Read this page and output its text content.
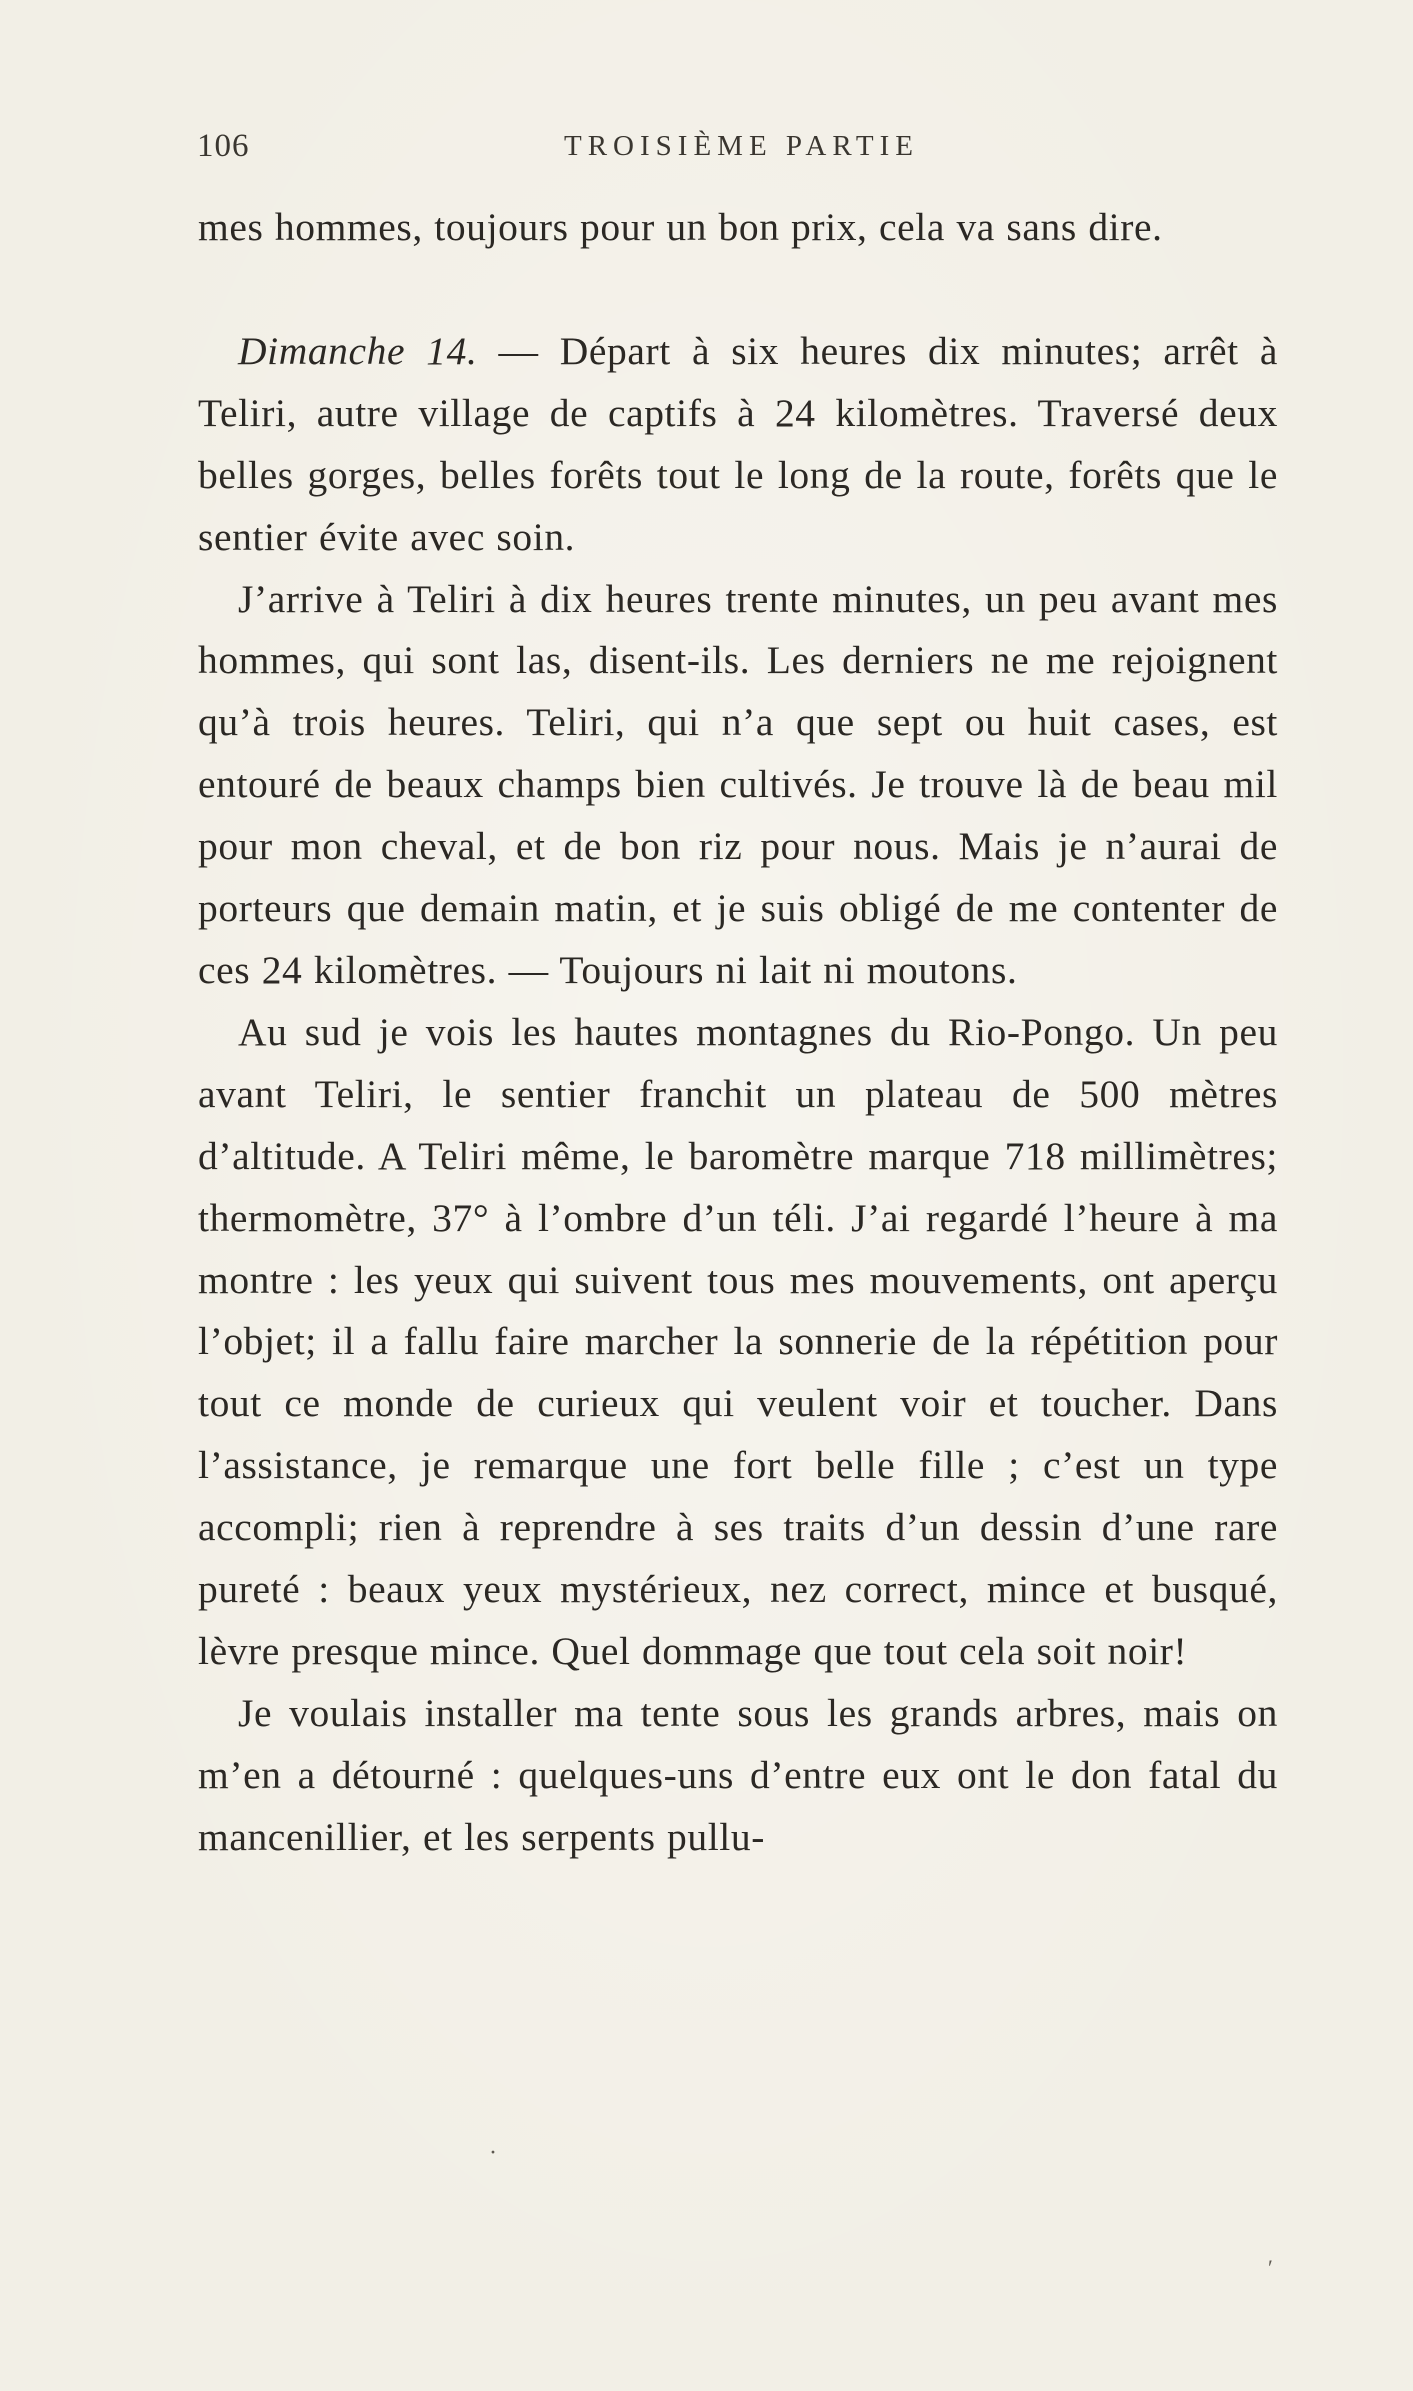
106	TROISIÈME PARTIE

mes hommes, toujours pour un bon prix, cela va sans dire.

Dimanche 14. — Départ à six heures dix minutes; arrêt à Teliri, autre village de captifs à 24 kilomètres. Traversé deux belles gorges, belles forêts tout le long de la route, forêts que le sentier évite avec soin.

J’arrive à Teliri à dix heures trente minutes, un peu avant mes hommes, qui sont las, disent-ils. Les derniers ne me rejoignent qu’à trois heures. Teliri, qui n’a que sept ou huit cases, est entouré de beaux champs bien cultivés. Je trouve là de beau mil pour mon cheval, et de bon riz pour nous. Mais je n’aurai de porteurs que demain matin, et je suis obligé de me contenter de ces 24 kilomètres. — Toujours ni lait ni moutons.

Au sud je vois les hautes montagnes du Rio-Pongo. Un peu avant Teliri, le sentier franchit un plateau de 500 mètres d’altitude. A Teliri même, le baromètre marque 718 millimètres; thermomètre, 37° à l’ombre d’un téli. J’ai regardé l’heure à ma montre : les yeux qui suivent tous mes mouvements, ont aperçu l’objet; il a fallu faire marcher la sonnerie de la répétition pour tout ce monde de curieux qui veulent voir et toucher. Dans l’assistance, je remarque une fort belle fille ; c’est un type accompli; rien à reprendre à ses traits d’un dessin d’une rare pureté : beaux yeux mystérieux, nez correct, mince et busqué, lèvre presque mince. Quel dommage que tout cela soit noir!

Je voulais installer ma tente sous les grands arbres, mais on m’en a détourné : quelques-uns d’entre eux ont le don fatal du mancenillier, et les serpents pullu-

·
′
